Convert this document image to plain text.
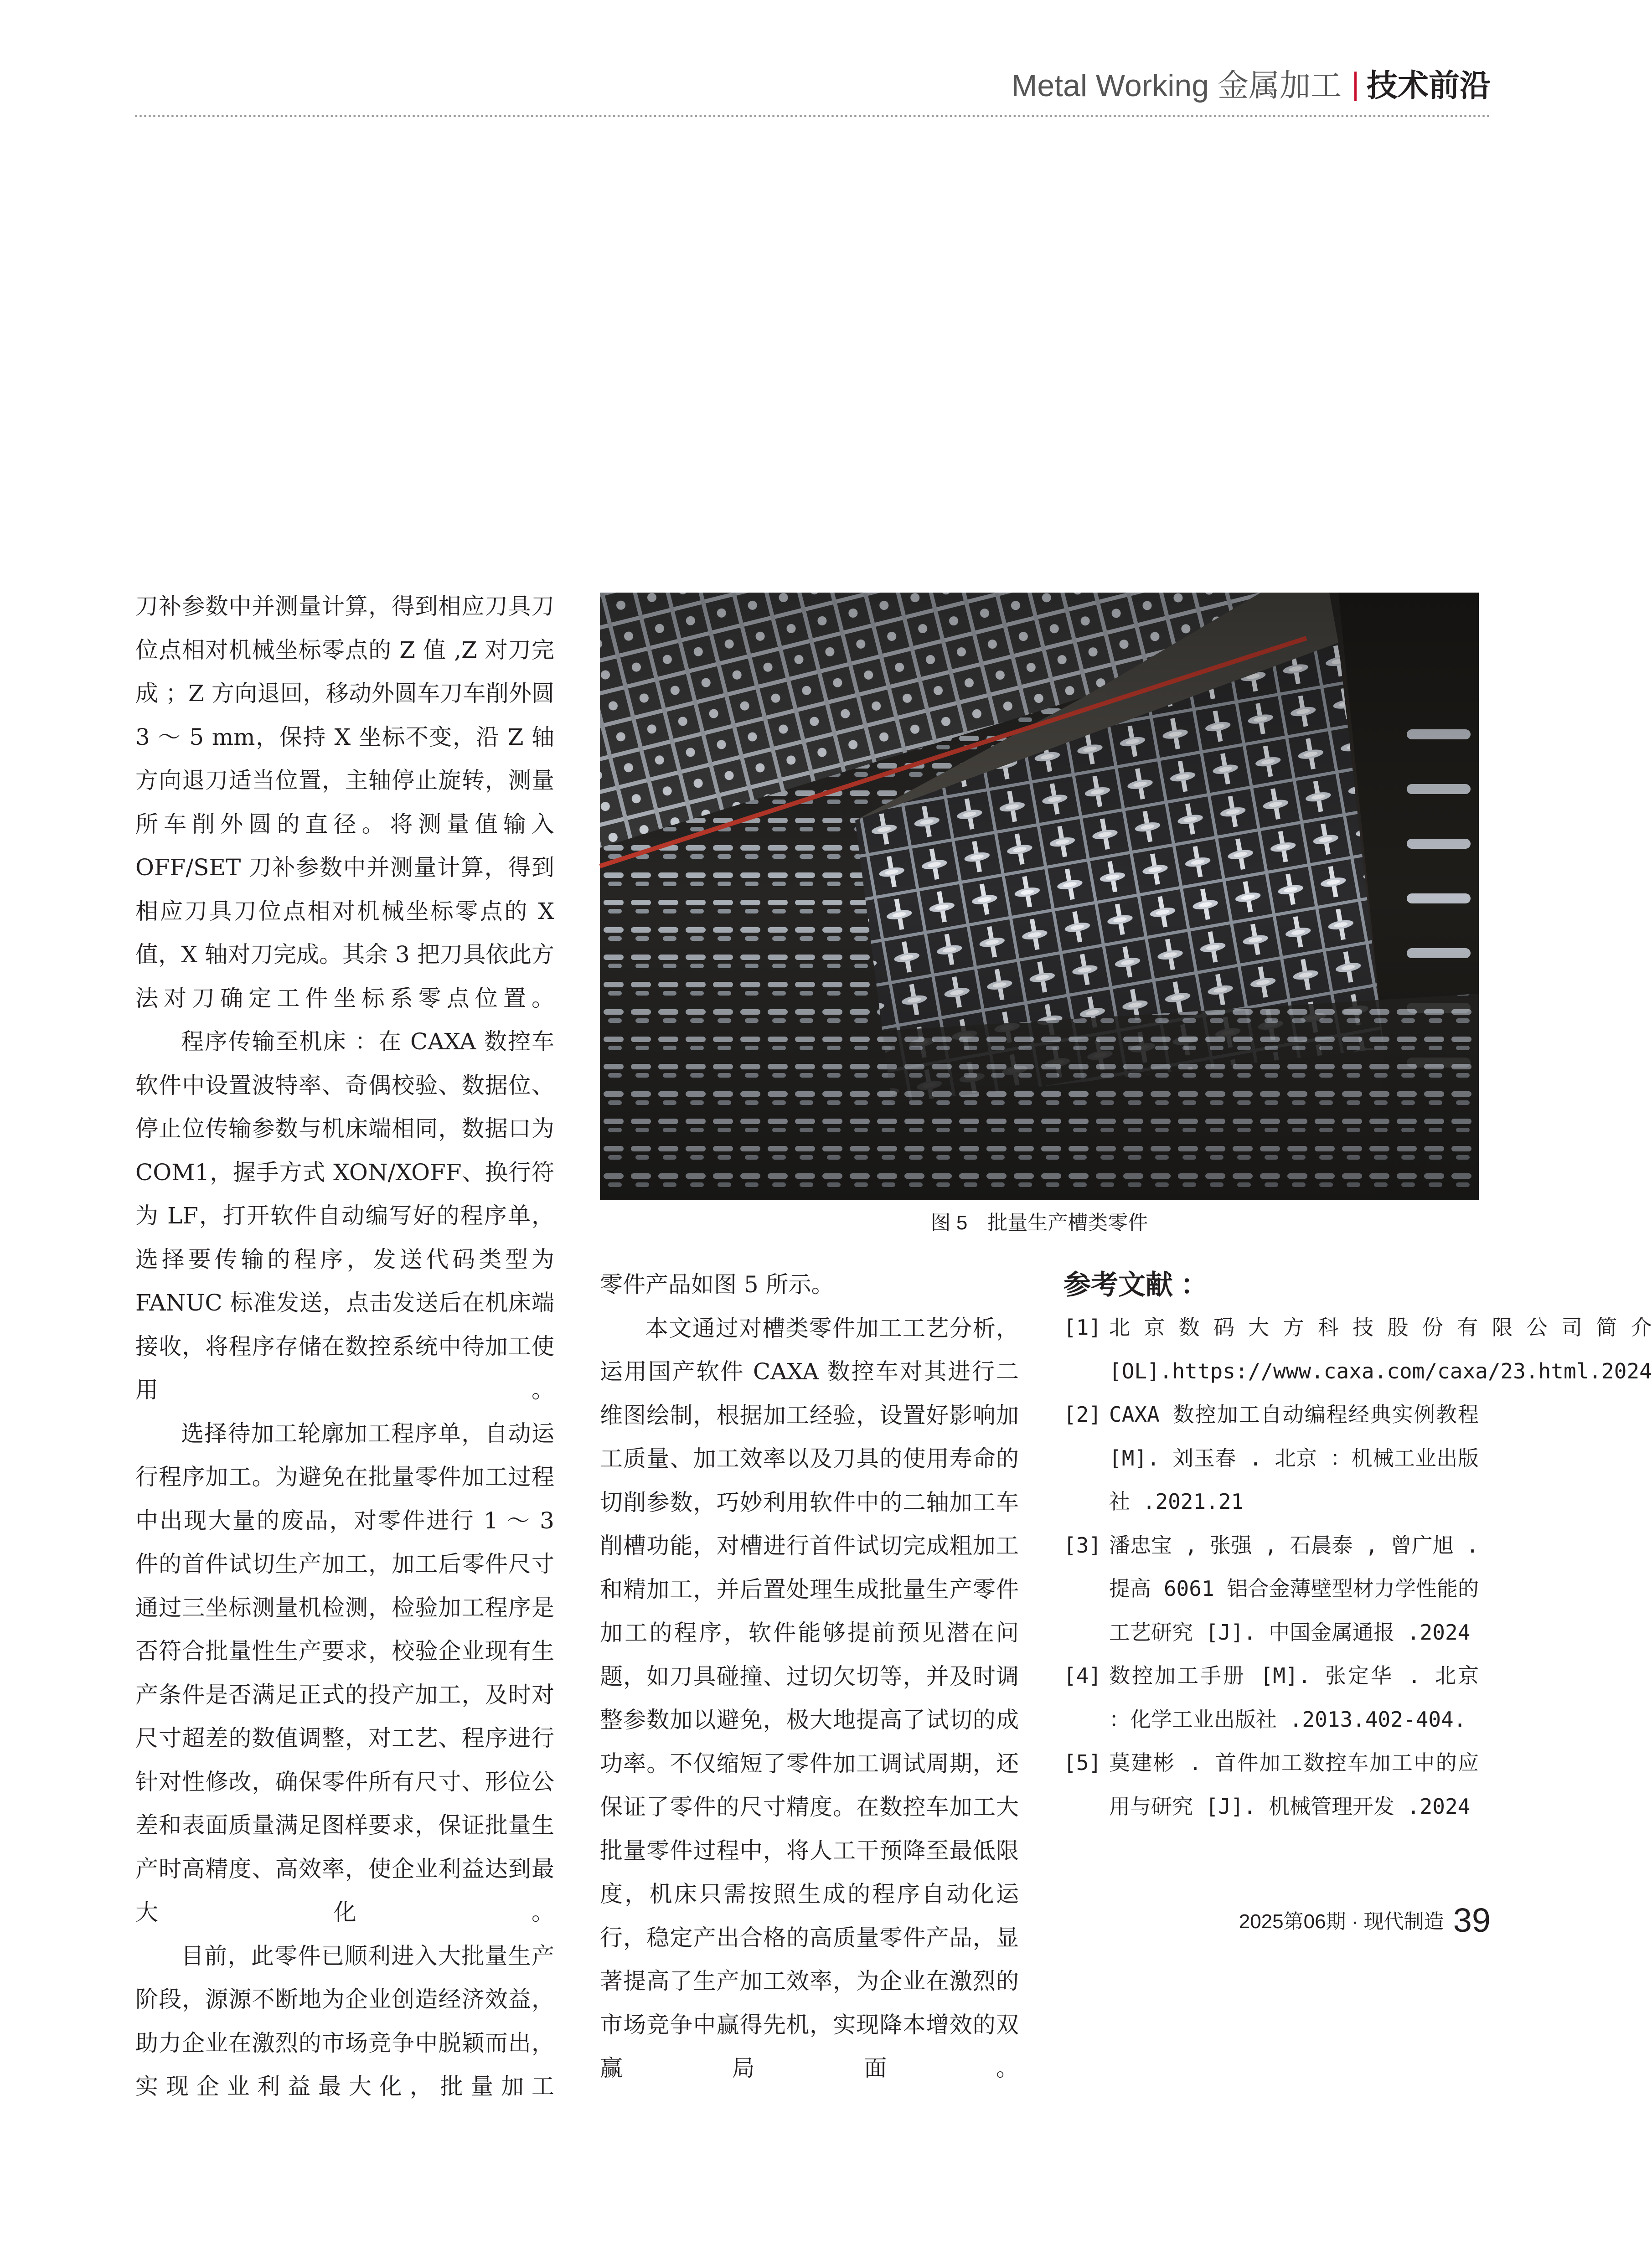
Metal Working 金属加工 技术前沿

刀补参数中并测量计算，得到相应刀具刀位点相对机械坐标零点的 Z 值 ,Z 对刀完成 ；Z 方向退回，移动外圆车刀车削外圆 3 ～ 5 mm，保持 X 坐标不变，沿 Z 轴方向退刀适当位置，主轴停止旋转，测量所车削外圆的直径。将测量值输入 OFF/SET 刀补参数中并测量计算，得到相应刀具刀位点相对机械坐标零点的 X 值，X 轴对刀完成。其余 3 把刀具依此方法对刀确定工件坐标系零点位置。

程序传输至机床 ：在 CAXA 数控车软件中设置波特率、奇偶校验、数据位、停止位传输参数与机床端相同，数据口为 COM1，握手方式 XON/XOFF、换行符为 LF，打开软件自动编写好的程序单，选择要传输的程序，发送代码类型为 FANUC 标准发送，点击发送后在机床端接收，将程序存储在数控系统中待加工使用。

选择待加工轮廓加工程序单，自动运行程序加工。为避免在批量零件加工过程中出现大量的废品，对零件进行 1 ～ 3 件的首件试切生产加工，加工后零件尺寸通过三坐标测量机检测，检验加工程序是否符合批量性生产要求，校验企业现有生产条件是否满足正式的投产加工，及时对尺寸超差的数值调整，对工艺、程序进行针对性修改，确保零件所有尺寸、形位公差和表面质量满足图样要求，保证批量生产时高精度、高效率，使企业利益达到最大化。

目前，此零件已顺利进入大批量生产阶段，源源不断地为企业创造经济效益，助力企业在激烈的市场竞争中脱颖而出，实现企业利益最大化，批量加工

图 5　批量生产槽类零件

零件产品如图 5 所示。

本文通过对槽类零件加工工艺分析，运用国产软件 CAXA 数控车对其进行二维图绘制，根据加工经验，设置好影响加工质量、加工效率以及刀具的使用寿命的切削参数，巧妙利用软件中的二轴加工车削槽功能，对槽进行首件试切完成粗加工和精加工，并后置处理生成批量生产零件加工的程序，软件能够提前预见潜在问题，如刀具碰撞、过切欠切等，并及时调整参数加以避免，极大地提高了试切的成功率。不仅缩短了零件加工调试周期，还保证了零件的尺寸精度。在数控车加工大批量零件过程中，将人工干预降至最低限度，机床只需按照生成的程序自动化运行，稳定产出合格的高质量零件产品，显著提高了生产加工效率，为企业在激烈的市场竞争中赢得先机，实现降本增效的双赢局面。

参考文献 ：
[1] 北京数码大方科技股份有限公司简介 [OL].https://www.caxa.com/caxa/23.html.2024
[2] CAXA 数控加工自动编程经典实例教程 [M]. 刘玉春 . 北京 ：机械工业出版社 .2021.21
[3] 潘忠宝 , 张强 , 石晨泰 , 曾广旭 . 提高 6061 铝合金薄壁型材力学性能的工艺研究 [J]. 中国金属通报 .2024
[4] 数控加工手册 [M]. 张定华 . 北京 ：化学工业出版社 .2013.402-404.
[5] 莫建彬 . 首件加工数控车加工中的应用与研究 [J]. 机械管理开发 .2024
2025第06期 · 现代制造 39
